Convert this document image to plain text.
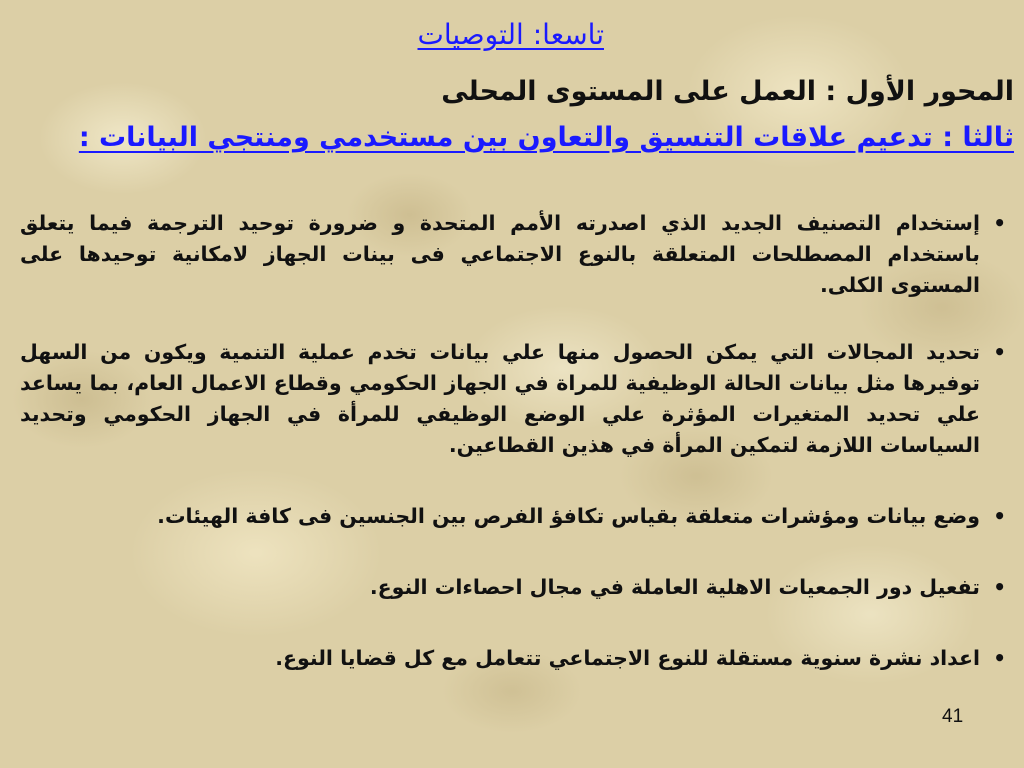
تاسعا: التوصيات
المحور الأول : العمل على المستوى المحلى
ثالثا : تدعيم علاقات التنسيق والتعاون بين مستخدمي ومنتجي البيانات :
•
إستخدام التصنيف الجديد الذي اصدرته الأمم المتحدة و ضرورة توحيد الترجمة فيما يتعلق باستخدام المصطلحات المتعلقة بالنوع الاجتماعي فى بينات الجهاز لامكانية توحيدها على المستوى الكلى.
•
تحديد المجالات التي يمكن الحصول منها علي بيانات تخدم عملية التنمية ويكون من السهل توفيرها مثل بيانات الحالة الوظيفية للمراة في الجهاز الحكومي وقطاع الاعمال العام، بما يساعد علي تحديد المتغيرات المؤثرة علي الوضع الوظيفي للمرأة في الجهاز الحكومي وتحديد السياسات اللازمة لتمكين المرأة في هذين القطاعين.
•
وضع بيانات ومؤشرات متعلقة بقياس تكافؤ الفرص بين الجنسين فى كافة الهيئات.
•
تفعيل دور الجمعيات الاهلية العاملة في مجال احصاءات النوع.
•
اعداد نشرة سنوية مستقلة للنوع الاجتماعي تتعامل مع كل قضايا النوع.
41
